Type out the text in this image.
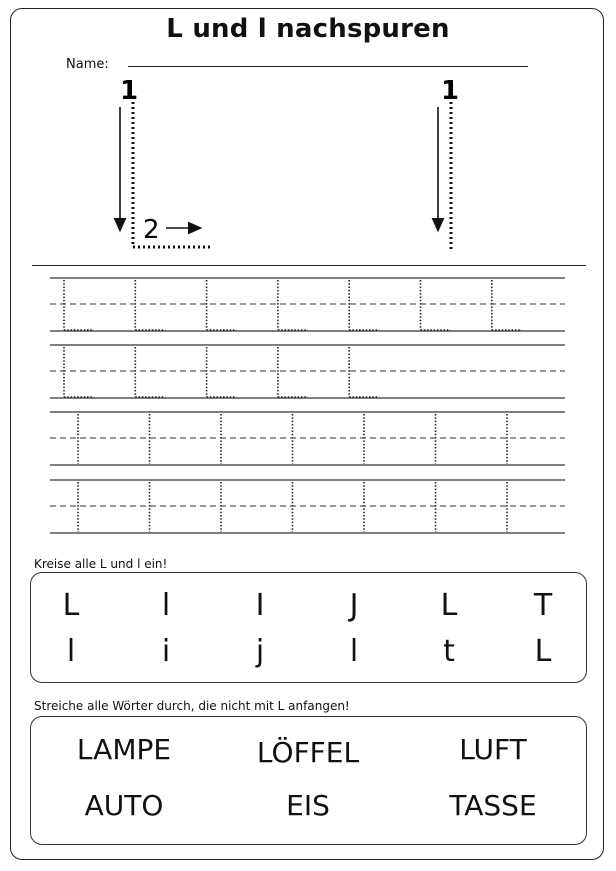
L und l nachspuren
Name:
1
2
1
Kreise alle L und l ein!
L	l	I	J	L	T
l	i	j	l	t	L
Streiche alle Wörter durch, die nicht mit L anfangen!
LAMPE	LÖFFEL	LUFT
AUTO	EIS	TASSE
